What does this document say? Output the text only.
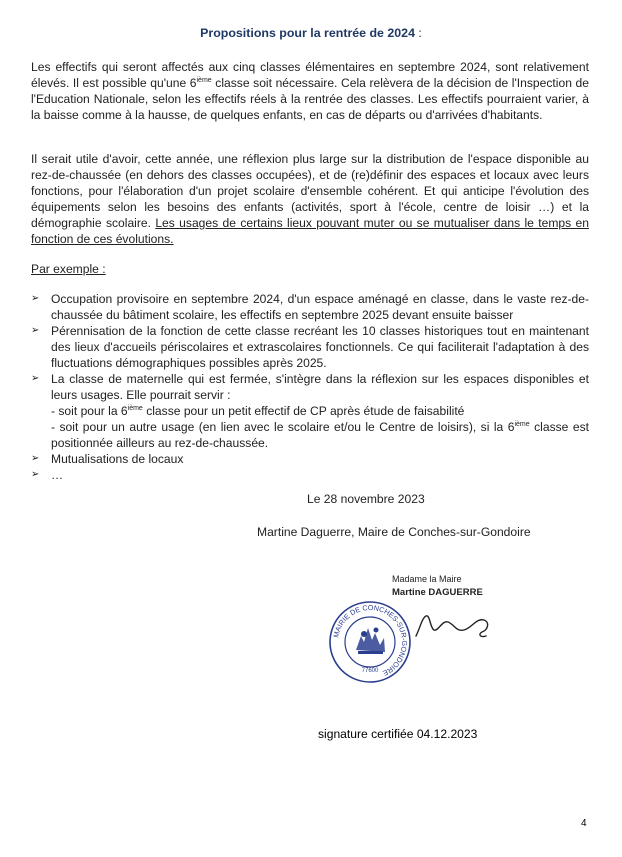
Propositions pour la rentrée de 2024 :

Les effectifs qui seront affectés aux cinq classes élémentaires en septembre 2024, sont relativement élevés. Il est possible qu'une 6ième classe soit nécessaire. Cela relèvera de la décision de l'Inspection de l'Education Nationale, selon les effectifs réels à la rentrée des classes. Les effectifs pourraient varier, à la baisse comme à la hausse, de quelques enfants, en cas de départs ou d'arrivées d'habitants.

Il serait utile d'avoir, cette année, une réflexion plus large sur la distribution de l'espace disponible au rez-de-chaussée (en dehors des classes occupées), et de (re)définir des espaces et locaux avec leurs fonctions, pour l'élaboration d'un projet scolaire d'ensemble cohérent. Et qui anticipe l'évolution des équipements selon les besoins des enfants (activités, sport à l'école, centre de loisir …) et la démographie scolaire. Les usages de certains lieux pouvant muter ou se mutualiser dans le temps en fonction de ces évolutions.

Par exemple :

➢ Occupation provisoire en septembre 2024, d'un espace aménagé en classe, dans le vaste rez-de-chaussée du bâtiment scolaire, les effectifs en septembre 2025 devant ensuite baisser
➢ Pérennisation de la fonction de cette classe recréant les 10 classes historiques tout en maintenant des lieux d'accueils périscolaires et extrascolaires fonctionnels. Ce qui faciliterait l'adaptation à des fluctuations démographiques possibles après 2025.
➢ La classe de maternelle qui est fermée, s'intègre dans la réflexion sur les espaces disponibles et leurs usages. Elle pourrait servir :
- soit pour la 6ième classe pour un petit effectif de CP après étude de faisabilité
- soit pour un autre usage (en lien avec le scolaire et/ou le Centre de loisirs), si la 6ième classe est positionnée ailleurs au rez-de-chaussée.
➢ Mutualisations de locaux
➢ …
Le 28 novembre 2023
Martine Daguerre, Maire de Conches-sur-Gondoire
Madame la Maire
Martine DAGUERRE
MAIRIE DE CONCHES-SUR-GONDOIRE
77600
signature certifiée 04.12.2023
4
